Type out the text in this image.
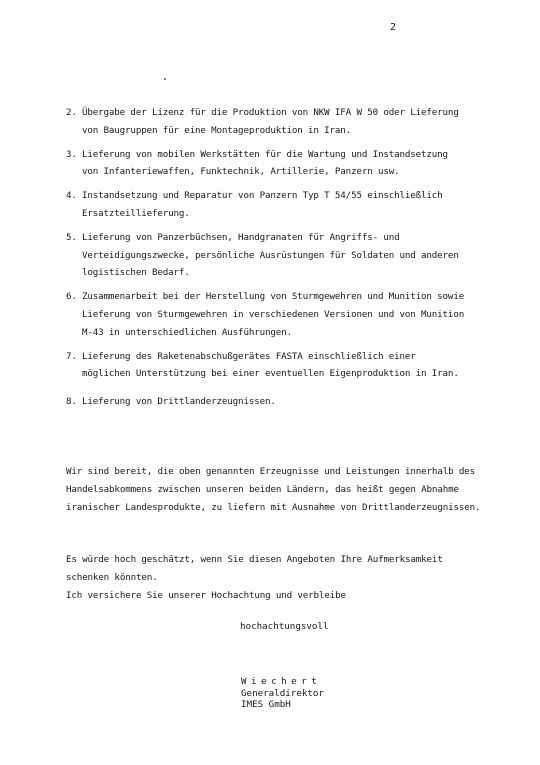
2
2. Übergabe der Lizenz für die Produktion von NKW IFA W 50 oder Lieferung von Baugruppen für eine Montageproduktion in Iran.
3. Lieferung von mobilen Werkstätten für die Wartung und Instandsetzung von Infanteriewaffen, Funktechnik, Artillerie, Panzern usw.
4. Instandsetzung und Reparatur von Panzern Typ T 54/55 einschließlich Ersatzteillieferung.
5. Lieferung von Panzerbüchsen, Handgranaten für Angriffs- und Verteidigungszwecke, persönliche Ausrüstungen für Soldaten und anderen logistischen Bedarf.
6. Zusammenarbeit bei der Herstellung von Sturmgewehren und Munition sowie Lieferung von Sturmgewehren in verschiedenen Versionen und von Munition M-43 in unterschiedlichen Ausführungen.
7. Lieferung des Raketenabschußgerätes FASTA einschließlich einer möglichen Unterstützung bei einer eventuellen Eigenproduktion in Iran.
8. Lieferung von Drittlanderzeugnissen.

Wir sind bereit, die oben genannten Erzeugnisse und Leistungen innerhalb des Handelsabkommens zwischen unseren beiden Ländern, das heißt gegen Abnahme iranischer Landesprodukte, zu liefern mit Ausnahme von Drittlanderzeugnissen.

Es würde hoch geschätzt, wenn Sie diesen Angeboten Ihre Aufmerksamkeit schenken könnten.
Ich versichere Sie unserer Hochachtung und verbleibe

hochachtungsvoll
Wiechert
Generaldirektor
IMES GmbH
